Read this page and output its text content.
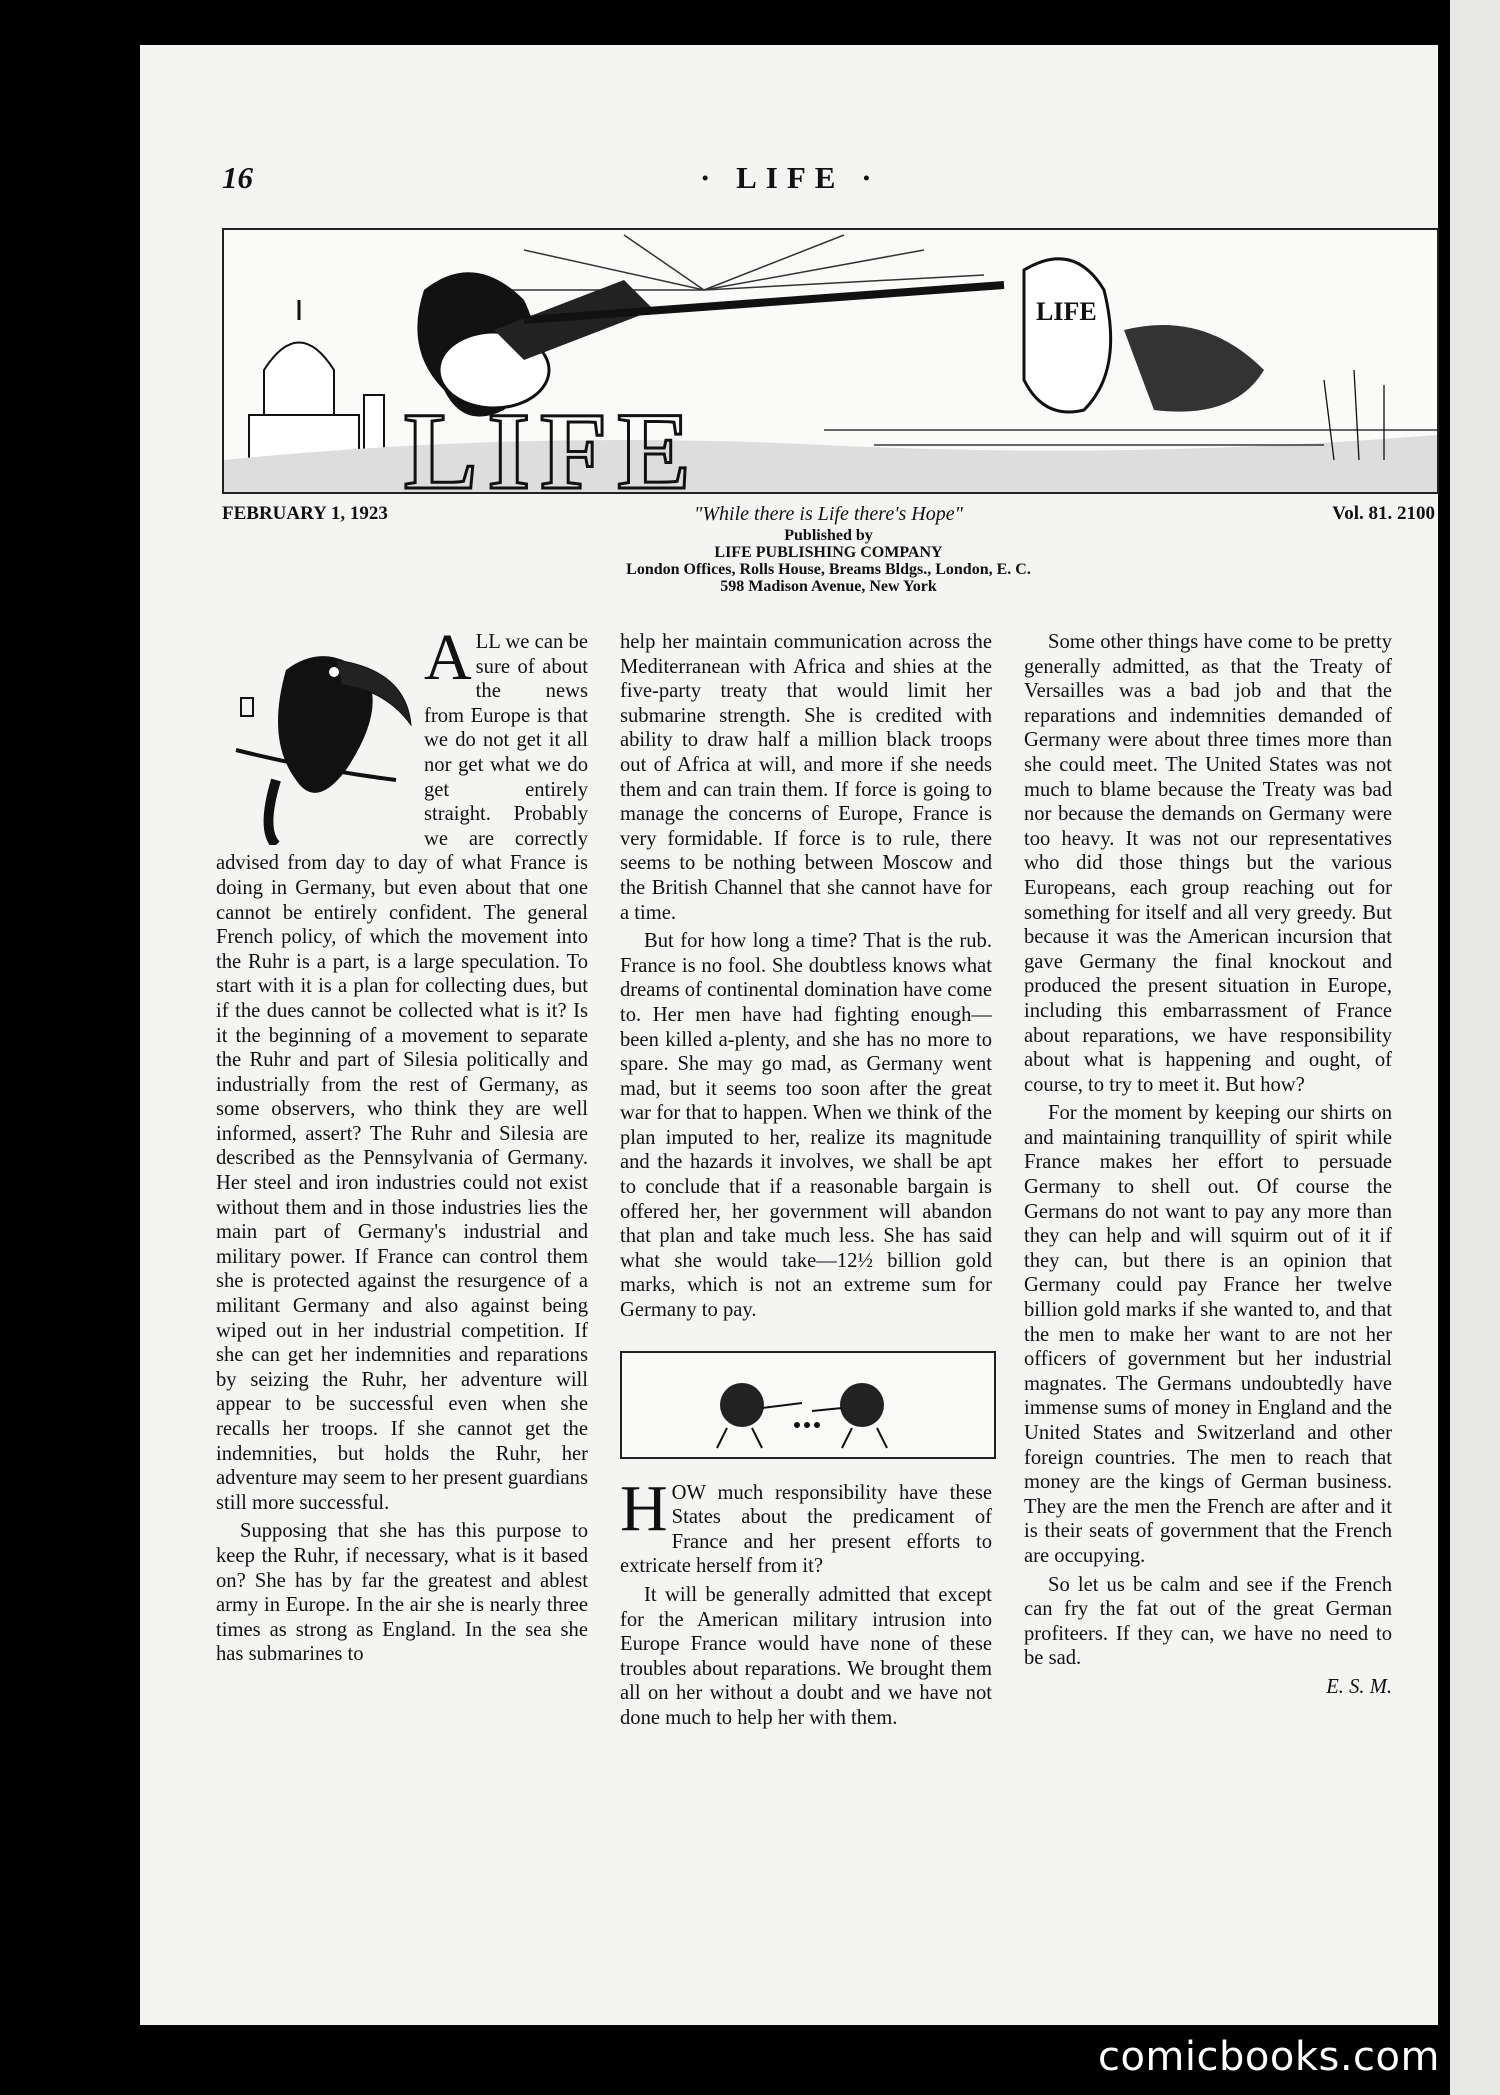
16	· LIFE ·
LIFE
LIFE
FEBRUARY 1, 1923	"While there is Life there's Hope"	Vol. 81. 2100
Published by
LIFE PUBLISHING COMPANY
London Offices, Rolls House, Breams Bldgs., London, E. C.
598 Madison Avenue, New York

ALL we can be sure of about the news from Europe is that we do not get it all nor get what we do get entirely straight. Probably we are correctly advised from day to day of what France is doing in Germany, but even about that one cannot be entirely confident. The general French policy, of which the movement into the Ruhr is a part, is a large speculation. To start with it is a plan for collecting dues, but if the dues cannot be collected what is it? Is it the beginning of a movement to separate the Ruhr and part of Silesia politically and industrially from the rest of Germany, as some observers, who think they are well informed, assert? The Ruhr and Silesia are described as the Pennsylvania of Germany. Her steel and iron industries could not exist without them and in those industries lies the main part of Germany's industrial and military power. If France can control them she is protected against the resurgence of a militant Germany and also against being wiped out in her industrial competition. If she can get her indemnities and reparations by seizing the Ruhr, her adventure will appear to be successful even when she recalls her troops. If she cannot get the indemnities, but holds the Ruhr, her adventure may seem to her present guardians still more successful.

Supposing that she has this purpose to keep the Ruhr, if necessary, what is it based on? She has by far the greatest and ablest army in Europe. In the air she is nearly three times as strong as England. In the sea she has submarines to

help her maintain communication across the Mediterranean with Africa and shies at the five-party treaty that would limit her submarine strength. She is credited with ability to draw half a million black troops out of Africa at will, and more if she needs them and can train them. If force is going to manage the concerns of Europe, France is very formidable. If force is to rule, there seems to be nothing between Moscow and the British Channel that she cannot have for a time.

But for how long a time? That is the rub. France is no fool. She doubtless knows what dreams of continental domination have come to. Her men have had fighting enough—been killed a-plenty, and she has no more to spare. She may go mad, as Germany went mad, but it seems too soon after the great war for that to happen. When we think of the plan imputed to her, realize its magnitude and the hazards it involves, we shall be apt to conclude that if a reasonable bargain is offered her, her government will abandon that plan and take much less. She has said what she would take—12½ billion gold marks, which is not an extreme sum for Germany to pay.

HOW much responsibility have these States about the predicament of France and her present efforts to extricate herself from it?

It will be generally admitted that except for the American military intrusion into Europe France would have none of these troubles about reparations. We brought them all on her without a doubt and we have not done much to help her with them.

Some other things have come to be pretty generally admitted, as that the Treaty of Versailles was a bad job and that the reparations and indemnities demanded of Germany were about three times more than she could meet. The United States was not much to blame because the Treaty was bad nor because the demands on Germany were too heavy. It was not our representatives who did those things but the various Europeans, each group reaching out for something for itself and all very greedy. But because it was the American incursion that gave Germany the final knockout and produced the present situation in Europe, including this embarrassment of France about reparations, we have responsibility about what is happening and ought, of course, to try to meet it. But how?

For the moment by keeping our shirts on and maintaining tranquillity of spirit while France makes her effort to persuade Germany to shell out. Of course the Germans do not want to pay any more than they can help and will squirm out of it if they can, but there is an opinion that Germany could pay France her twelve billion gold marks if she wanted to, and that the men to make her want to are not her officers of government but her industrial magnates. The Germans undoubtedly have immense sums of money in England and the United States and Switzerland and other foreign countries. The men to reach that money are the kings of German business. They are the men the French are after and it is their seats of government that the French are occupying.

So let us be calm and see if the French can fry the fat out of the great German profiteers. If they can, we have no need to be sad.

E. S. M.
comicbooks.com
